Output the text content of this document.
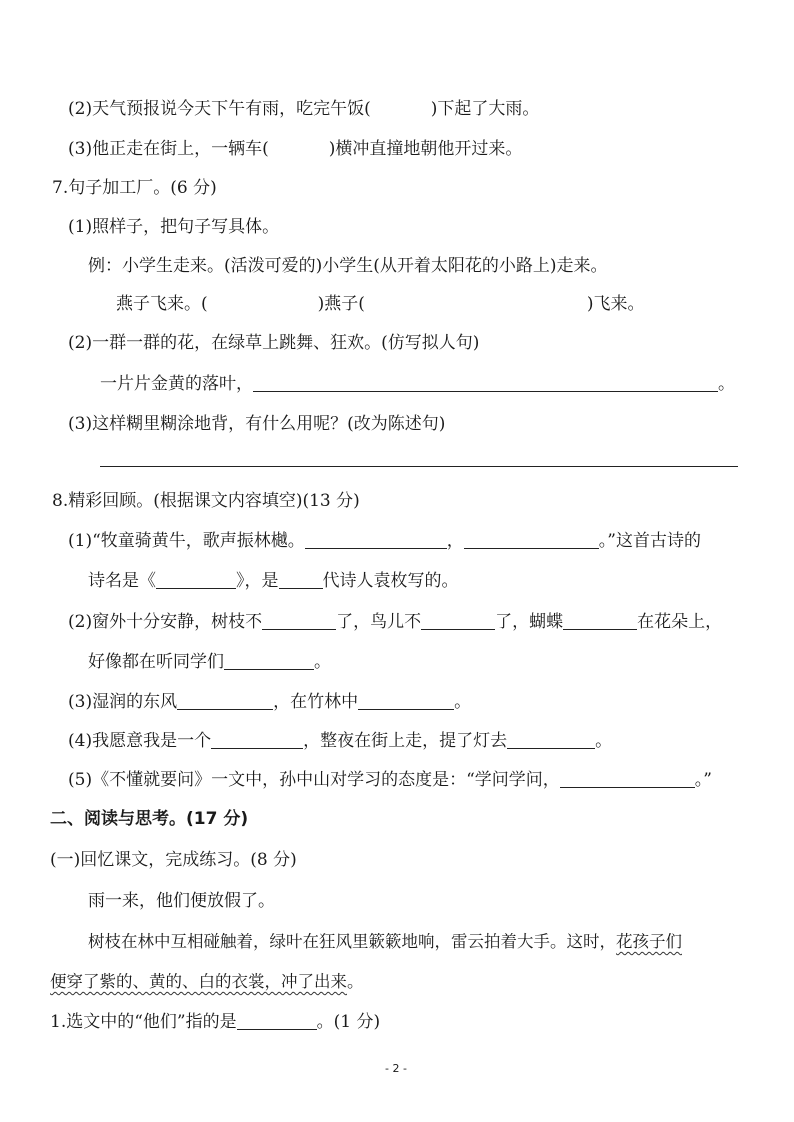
(2)天气预报说今天下午有雨，吃完午饭(	)下起了大雨。
(3)他正走在街上，一辆车(	)横冲直撞地朝他开过来。
7.句子加工厂。(6 分)
(1)照样子，把句子写具体。
例：小学生走来。(活泼可爱的)小学生(从开着太阳花的小路上)走来。
燕子飞来。(	)燕子(	)飞来。
(2)一群一群的花，在绿草上跳舞、狂欢。(仿写拟人句)
一片片金黄的落叶，	。
(3)这样糊里糊涂地背，有什么用呢？(改为陈述句)
8.精彩回顾。(根据课文内容填空)(13 分)
(1)“牧童骑黄牛，歌声振林樾。	，	。”这首古诗的
诗名是《	》，是	代诗人袁枚写的。
(2)窗外十分安静，树枝不	了，鸟儿不	了，蝴蝶	在花朵上，
好像都在听同学们	。
(3)湿润的东风	，在竹林中	。
(4)我愿意我是一个	，整夜在街上走，提了灯去	。
(5)《不懂就要问》一文中，孙中山对学习的态度是：“学问学问，	。”
二、阅读与思考。(17 分)
(一)回忆课文，完成练习。(8 分)
雨一来，他们便放假了。
树枝在林中互相碰触着，绿叶在狂风里簌簌地响，雷云拍着大手。这时，花孩子们
便穿了紫的、黄的、白的衣裳，冲了出来。
1.选文中的“他们”指的是	。(1 分)
- 2 -
